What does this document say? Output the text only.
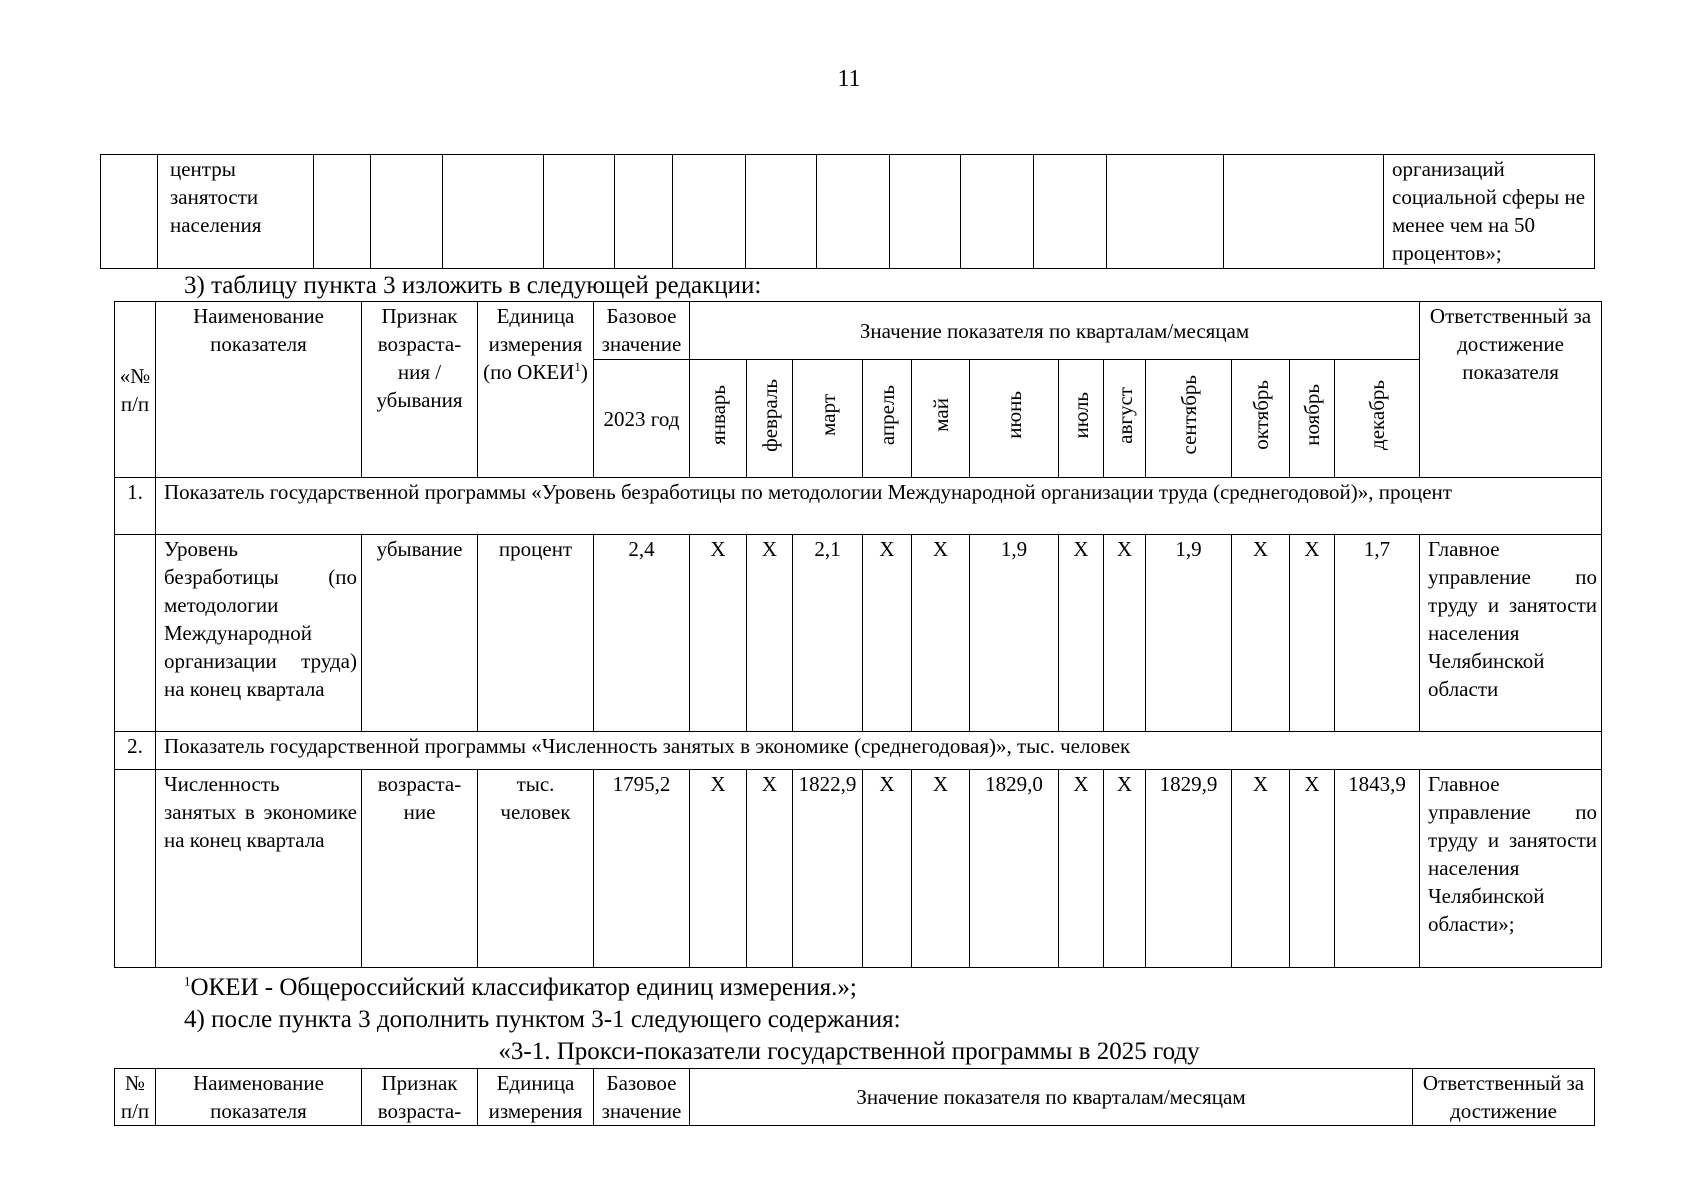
11
	центры занятости населения														организаций социальной сферы не менее чем на 50 процентов»;
3) таблицу пункта 3 изложить в следующей редакции:
«№ п/п	Наименование показателя	Признак возраста-ния / убывания	Единица измерения (по ОКЕИ$^1$)	Базовое значение	Значение показателя по кварталам/месяцам												Ответственный за достижение показателя
				2023 год	январь	февраль	март	апрель	май	июнь	июль	август	сентябрь	октябрь	ноябрь	декабрь	
1.	Показатель государственной программы «Уровень безработицы по методологии Международной организации труда (среднегодовой)», процент																
	Уровень безработицы (по методологии Международной организации труда) на конец квартала	убывание	процент	2,4	X	X	2,1	X	X	1,9	X	X	1,9	X	X	1,7	Главное управление по труду и занятости населения Челябинской области
2.	Показатель государственной программы «Численность занятых в экономике (среднегодовая)», тыс. человек																
	Численность занятых в экономике на конец квартала	возраста-ние	тыс. человек	1795,2	X	X	1822,9	X	X	1829,0	X	X	1829,9	X	X	1843,9	Главное управление по труду и занятости населения Челябинской области»;
$^1$ОКЕИ - Общероссийский классификатор единиц измерения.»;
4) после пункта 3 дополнить пунктом 3-1 следующего содержания:
«3-1. Прокси-показатели государственной программы в 2025 году
№ п/п	Наименование показателя	Признак возраста-	Единица измерения	Базовое значение	Значение показателя по кварталам/месяцам	Ответственный за достижение
